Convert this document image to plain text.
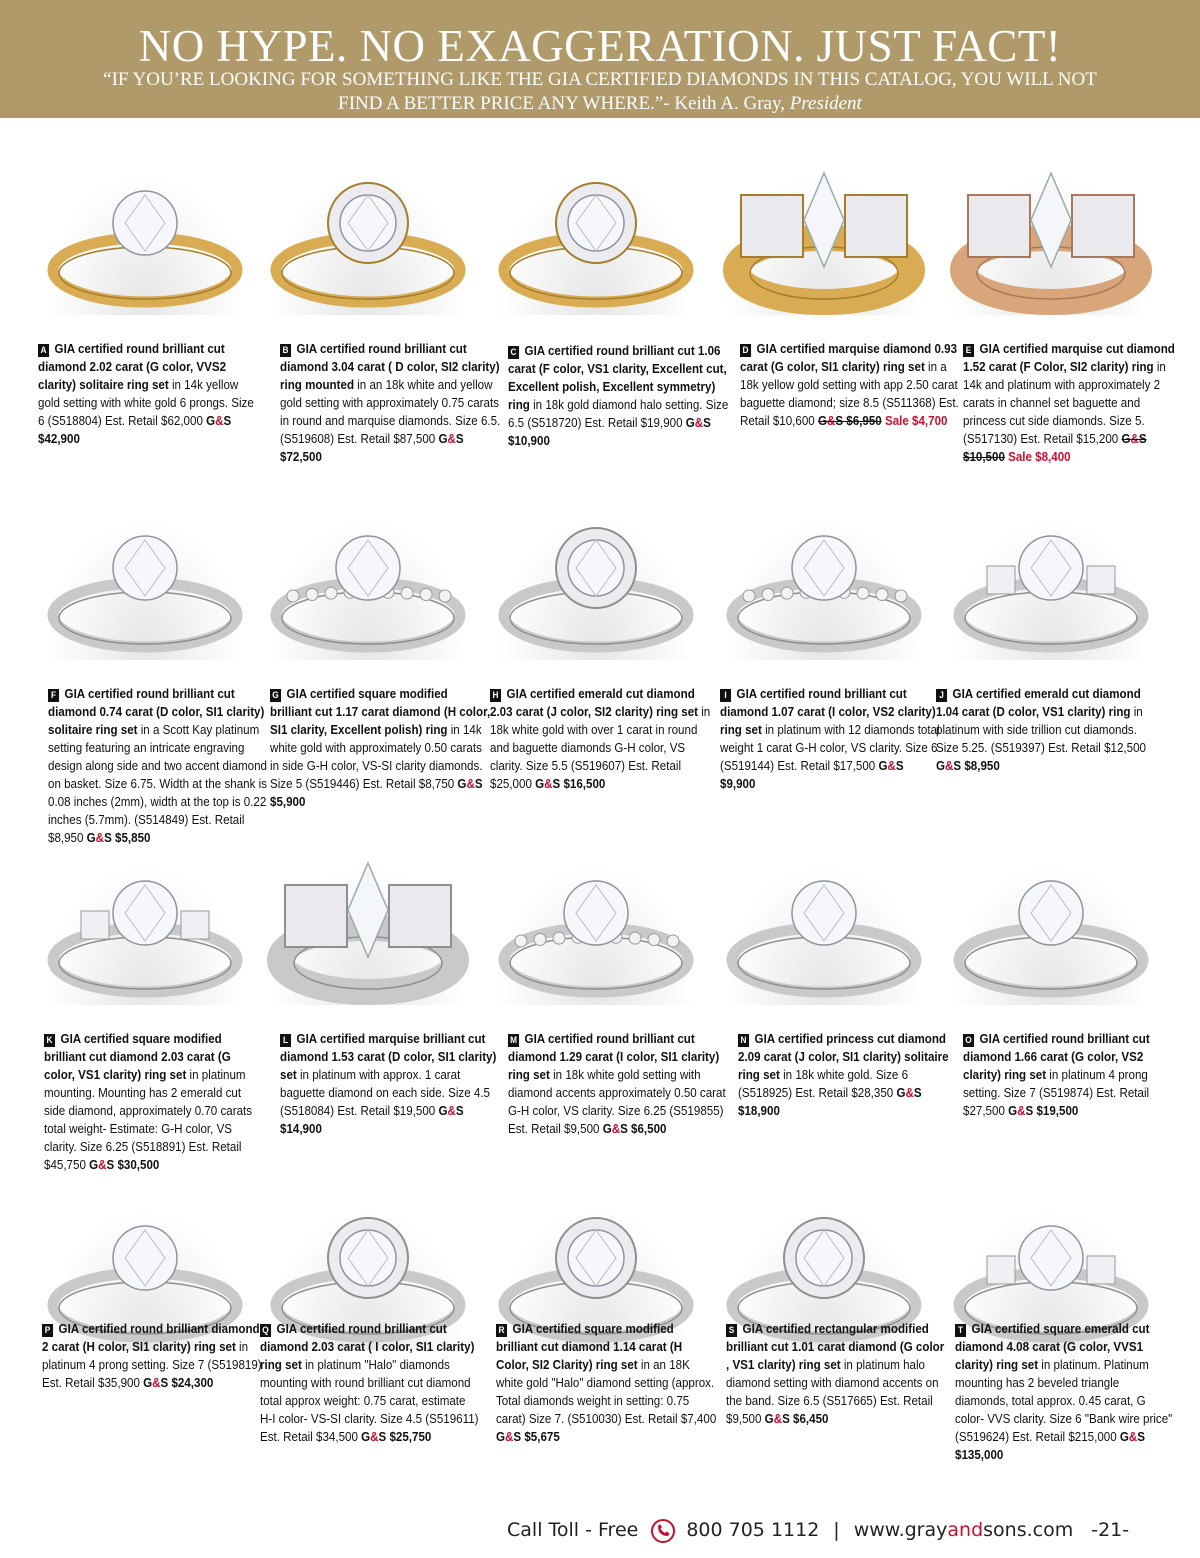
NO HYPE. NO EXAGGERATION. JUST FACT!
“IF YOU’RE LOOKING FOR SOMETHING LIKE THE GIA CERTIFIED DIAMONDS IN THIS CATALOG, YOU WILL NOT
FIND A BETTER PRICE ANY WHERE.”- Keith A. Gray, President
A GIA certified round brilliant cut diamond 2.02 carat (G color, VVS2 clarity) solitaire ring set in 14k yellow gold setting with white gold 6 prongs. Size 6 (S518804) Est. Retail $62,000 G&S $42,900
B GIA certified round brilliant cut diamond 3.04 carat ( D color, SI2 clarity) ring mounted in an 18k white and yellow gold setting with approximately 0.75 carats in round and marquise diamonds. Size 6.5. (S519608) Est. Retail $87,500 G&S $72,500
C GIA certified round brilliant cut 1.06 carat (F color, VS1 clarity, Excellent cut, Excellent polish, Excellent symmetry) ring in 18k gold diamond halo setting. Size 6.5 (S518720) Est. Retail $19,900 G&S $10,900
D GIA certified marquise diamond 0.93 carat (G color, SI1 clarity) ring set in a 18k yellow gold setting with app 2.50 carat baguette diamond; size 8.5 (S511368) Est. Retail $10,600 G&S $6,950 Sale $4,700
E GIA certified marquise cut diamond 1.52 carat (F Color, SI2 clarity) ring in 14k and platinum with approximately 2 carats in channel set baguette and princess cut side diamonds. Size 5. (S517130) Est. Retail $15,200 G&S $10,500 Sale $8,400
F GIA certified round brilliant cut diamond 0.74 carat (D color, SI1 clarity) solitaire ring set in a Scott Kay platinum setting featuring an intricate engraving design along side and two accent diamond on basket. Size 6.75. Width at the shank is 0.08 inches (2mm), width at the top is 0.22 inches (5.7mm). (S514849) Est. Retail $8,950 G&S $5,850
G GIA certified square modified brilliant cut 1.17 carat diamond (H color, SI1 clarity, Excellent polish) ring in 14k white gold with approximately 0.50 carats in side G-H color, VS-SI clarity diamonds. Size 5 (S519446) Est. Retail $8,750 G&S $5,900
H GIA certified emerald cut diamond 2.03 carat (J color, SI2 clarity) ring set in 18k white gold with over 1 carat in round and baguette diamonds G-H color, VS clarity. Size 5.5 (S519607) Est. Retail $25,000 G&S $16,500
I GIA certified round brilliant cut diamond 1.07 carat (I color, VS2 clarity) ring set in platinum with 12 diamonds total weight 1 carat G-H color, VS clarity. Size 6 (S519144) Est. Retail $17,500 G&S $9,900
J GIA certified emerald cut diamond 1.04 carat (D color, VS1 clarity) ring in platinum with side trillion cut diamonds. Size 5.25. (S519397) Est. Retail $12,500 G&S $8,950
K GIA certified square modified brilliant cut diamond 2.03 carat (G color, VS1 clarity) ring set in platinum mounting. Mounting has 2 emerald cut side diamond, approximately 0.70 carats total weight- Estimate: G-H color, VS clarity. Size 6.25 (S518891) Est. Retail $45,750 G&S $30,500
L GIA certified marquise brilliant cut diamond 1.53 carat (D color, SI1 clarity) set in platinum with approx. 1 carat baguette diamond on each side. Size 4.5 (S518084) Est. Retail $19,500 G&S $14,900
M GIA certified round brilliant cut diamond 1.29 carat (I color, SI1 clarity) ring set in 18k white gold setting with diamond accents approximately 0.50 carat G-H color, VS clarity. Size 6.25 (S519855) Est. Retail $9,500 G&S $6,500
N GIA certified princess cut diamond 2.09 carat (J color, SI1 clarity) solitaire ring set in 18k white gold. Size 6 (S518925) Est. Retail $28,350 G&S $18,900
O GIA certified round brilliant cut diamond 1.66 carat (G color, VS2 clarity) ring set in platinum 4 prong setting. Size 7 (S519874) Est. Retail $27,500 G&S $19,500
P GIA certified round brilliant diamond 2 carat (H color, SI1 clarity) ring set in platinum 4 prong setting. Size 7 (S519819) Est. Retail $35,900 G&S $24,300
Q GIA certified round brilliant cut diamond 2.03 carat ( I color, SI1 clarity) ring set in platinum "Halo" diamonds mounting with round brilliant cut diamond total approx weight: 0.75 carat, estimate H-I color- VS-SI clarity. Size 4.5 (S519611) Est. Retail $34,500 G&S $25,750
R GIA certified square modified brilliant cut diamond 1.14 carat (H Color, SI2 Clarity) ring set in an 18K white gold "Halo" diamond setting (approx. Total diamonds weight in setting: 0.75 carat) Size 7. (S510030) Est. Retail $7,400 G&S $5,675
S GIA certified rectangular modified brilliant cut 1.01 carat diamond (G color , VS1 clarity) ring set in platinum halo diamond setting with diamond accents on the band. Size 6.5 (S517665) Est. Retail $9,500 G&S $6,450
T GIA certified square emerald cut diamond 4.08 carat (G color, VVS1 clarity) ring set in platinum. Platinum mounting has 2 beveled triangle diamonds, total approx. 0.45 carat, G color- VVS clarity. Size 6 "Bank wire price" (S519624) Est. Retail $215,000 G&S $135,000
Call Toll - Free	800 705 1112 | www.grayandsons.com -21-
